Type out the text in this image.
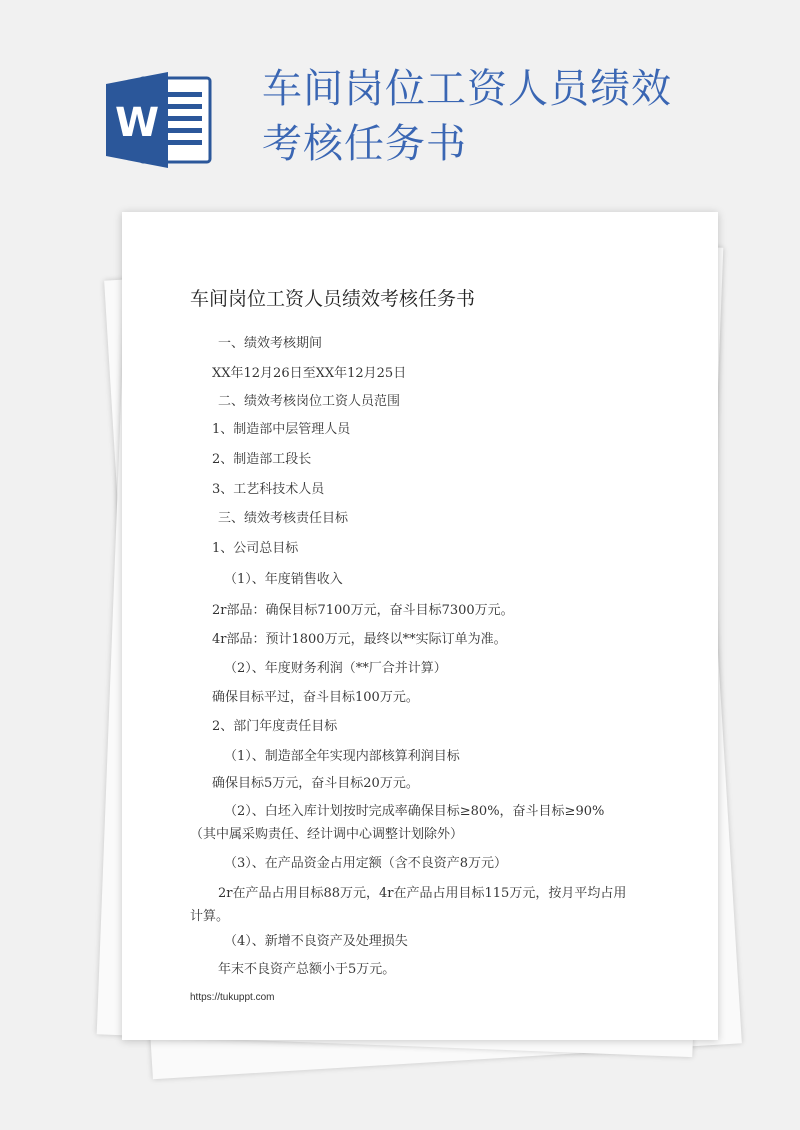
W
车间岗位工资人员绩效
考核任务书
车间岗位工资人员绩效考核任务书

一、绩效考核期间

XX年12月26日至XX年12月25日

二、绩效考核岗位工资人员范围

1、制造部中层管理人员

2、制造部工段长

3、工艺科技术人员

三、绩效考核责任目标

1、公司总目标

（1）、年度销售收入

2r部品：确保目标7100万元，奋斗目标7300万元。

4r部品：预计1800万元，最终以**实际订单为准。

（2）、年度财务利润（**厂合并计算）

确保目标平过，奋斗目标100万元。

2、部门年度责任目标

（1）、制造部全年实现内部核算利润目标

确保目标5万元，奋斗目标20万元。

（2）、白坯入库计划按时完成率确保目标≥80%，奋斗目标≥90%（其中属采购责任、经计调中心调整计划除外）

（3）、在产品资金占用定额（含不良资产8万元）

2r在产品占用目标88万元，4r在产品占用目标115万元，按月平均占用计算。

（4）、新增不良资产及处理损失

年末不良资产总额小于5万元。

https://tukuppt.com
